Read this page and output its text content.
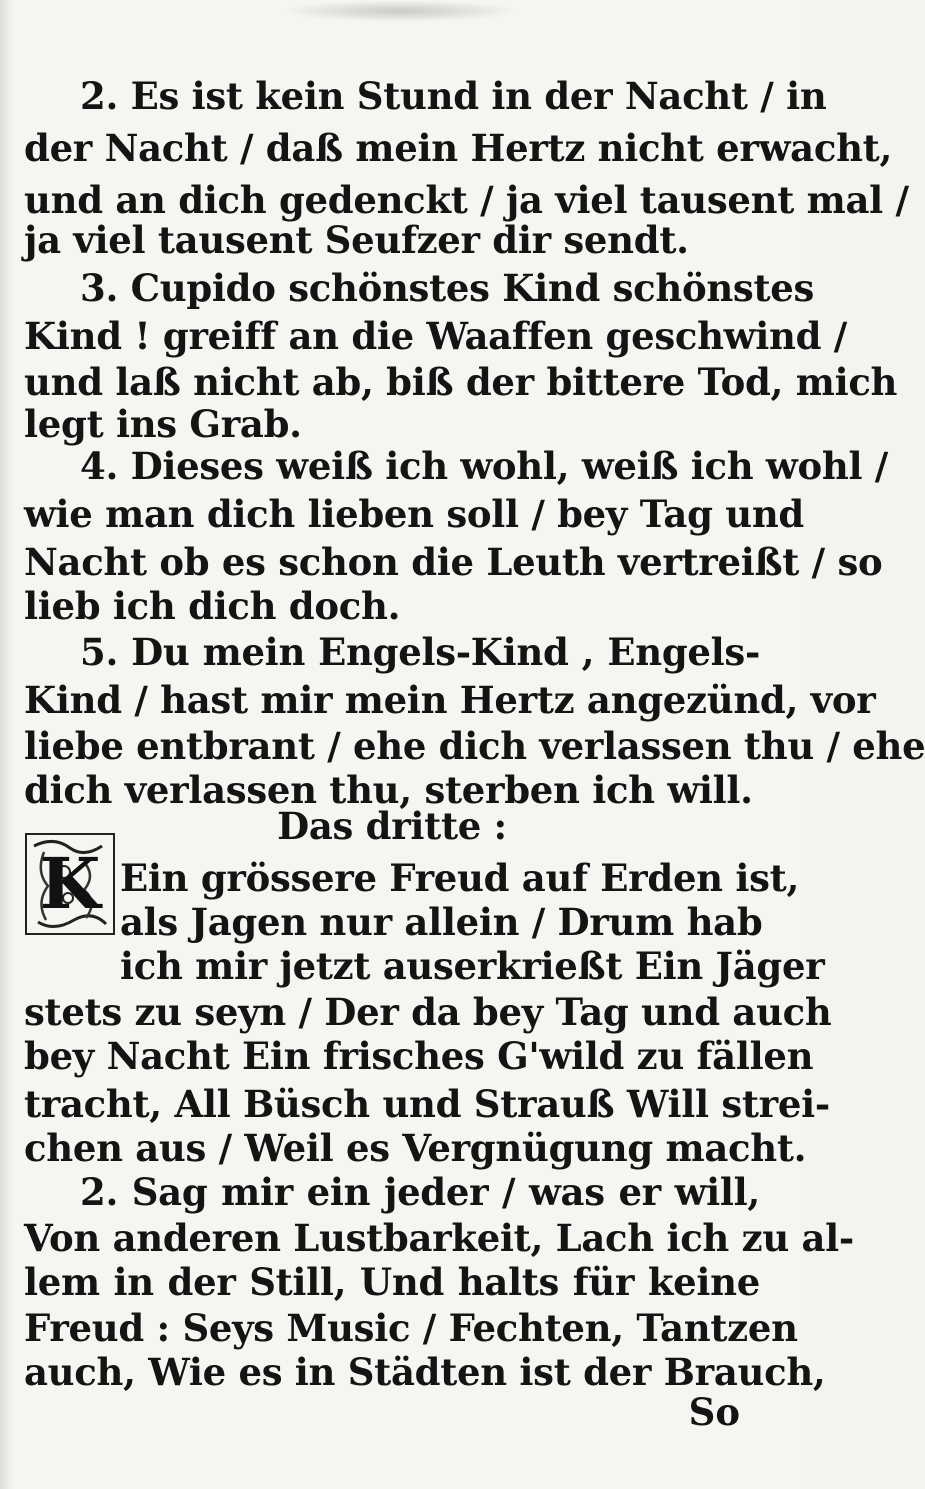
2. Es ist kein Stund in der Nacht / in
der Nacht / daß mein Hertz nicht erwacht,
und an dich gedenckt / ja viel tausent mal /
ja viel tausent Seufzer dir sendt.
3. Cupido schönstes Kind schönstes
Kind ! greiff an die Waaffen geschwind /
und laß nicht ab, biß der bittere Tod, mich
legt ins Grab.
4. Dieses weiß ich wohl, weiß ich wohl /
wie man dich lieben soll / bey Tag und
Nacht ob es schon die Leuth vertreißt / so
lieb ich dich doch.
5. Du mein Engels-Kind , Engels-
Kind / hast mir mein Hertz angezünd, vor
liebe entbrant / ehe dich verlassen thu / ehe
dich verlassen thu, sterben ich will.
Das dritte :
K Ein grössere Freud auf Erden ist,
als Jagen nur allein / Drum hab
ich mir jetzt auserkrießt Ein Jäger
stets zu seyn / Der da bey Tag und auch
bey Nacht Ein frisches G'wild zu fällen
tracht, All Büsch und Strauß Will strei-
chen aus / Weil es Vergnügung macht.
2. Sag mir ein jeder / was er will,
Von anderen Lustbarkeit, Lach ich zu al-
lem in der Still, Und halts für keine
Freud : Seys Music / Fechten, Tantzen
auch, Wie es in Städten ist der Brauch,
So
